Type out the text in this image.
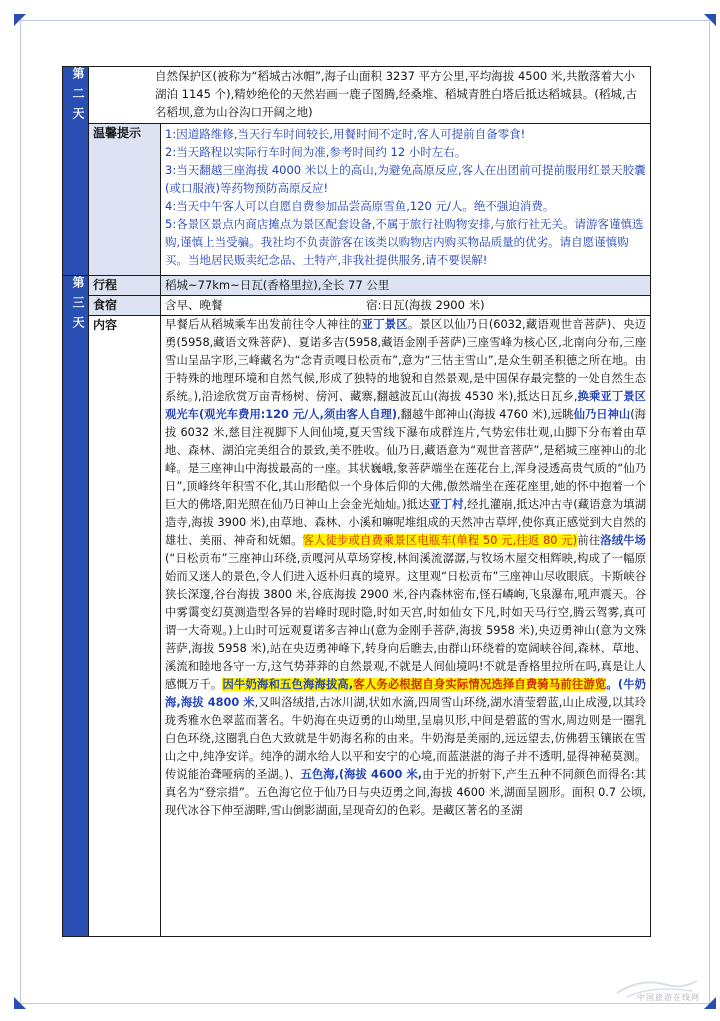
第二天	自然保护区(被称为“稻城古冰帽”,海子山面积 3237 平方公里,平均海拔 4500 米,共散落着大小湖泊 1145 个),精妙绝伦的天然岩画一鹿子图腾,经桑堆、稻城青胜白塔后抵达稻城县。(稻城,古名稻坝,意为山谷沟口开阔之地)	

	温馨提示	1:因道路维修,当天行车时间较长,用餐时间不定时,客人可提前自备零食!
2:当天路程以实际行车时间为准,参考时间约 12 小时左右。
3:当天翻越三座海拔 4000 米以上的高山,为避免高原反应,客人在出团前可提前服用红景天胶囊(或口服液)等药物预防高原反应!
4:当天中午客人可以自愿自费参加品尝高原雪鱼,120 元/人。绝不强迫消费。
5:各景区景点内商店摊点为景区配套设备,不属于旅行社购物安排,与旅行社无关。请游客谨慎选购,谨慎上当受骗。我社均不负责游客在该类以购物店内购买物品质量的优劣。请自愿谨慎购买。当地居民贩卖纪念品、土特产,非我社提供服务,请不要误解!

第三天	行程	稻城~77km~日瓦(香格里拉),全长 77 公里
	食宿	含早、晚餐 宿:日瓦(海拔 2900 米)
	内容	早餐后从稻城乘车出发前往令人神往的亚丁景区。景区以仙乃日(6032,藏语观世音菩萨)、央迈勇(5958,藏语文殊菩萨)、夏诺多吉(5958,藏语金刚手菩萨)三座雪峰为核心区,北南向分布,三座雪山呈品字形,三峰藏名为“念青贡嘎日松贡布”,意为“三怙主雪山”,是众生朝圣积德之所在地。由于特殊的地理环境和自然气候,形成了独特的地貌和自然景观,是中国保存最完整的一处自然生态系统。),沿途欣赏万亩青杨树、傍河、藏寨,翻越波瓦山(海拔 4530 米),抵达日瓦乡,换乘亚丁景区观光车(观光车费用:120 元/人,须由客人自理),翻越牛郎神山(海拔 4760 米),远眺仙乃日神山(海拔 6032 米,慈目注视脚下人间仙境,夏天雪线下瀑布成群连片,气势宏伟壮观,山脚下分布着由草地、森林、湖泊完美组合的景致,美不胜收。仙乃日,藏语意为“观世音菩萨”,是稻城三座神山的北峰。是三座神山中海拔最高的一座。其状巍峨,象菩萨端坐在莲花台上,浑身浸透高贵气质的“仙乃日”,顶峰终年积雪不化,其山形酷似一个身体后仰的大佛,傲然端坐在莲花座里,她的怀中抱着一个巨大的佛塔,阳光照在仙乃日神山上会金光灿灿。)抵达亚丁村,经扎灌崩,抵达冲古寺(藏语意为填湖造寺,海拔 3900 米),由草地、森林、小溪和嘛呢堆组成的天然冲古草坪,使你真正感觉到大自然的雄壮、美丽、神奇和妩媚。客人徒步或自费乘景区电瓶车(单程 50 元,往返 80 元)前往洛绒牛场(“日松贡布”三座神山环绕,贡嘎河从草场穿梭,林间溪流潺潺,与牧场木屋交相辉映,构成了一幅原始而又迷人的景色,令人们进入返朴归真的境界。这里观“日松贡布”三座神山尽收眼底。卡斯峡谷狭长深邃,谷台海拔 3800 米,谷底海拔 2900 米,谷内森林密布,怪石嶙峋,飞泉瀑布,吼声震天。谷中雾霭变幻莫测造型各异的岩峰时现时隐,时如天宫,时如仙女下凡,时如天马行空,腾云驾雾,真可谓一大奇观。)上山时可远观夏诺多吉神山(意为金刚手菩萨,海拔 5958 米),央迈勇神山(意为文殊菩萨,海拔 5958 米),站在央迈勇神峰下,转身向后瞧去,由群山环绕着的宽阔峡谷间,森林、草地、溪流和睦地各守一方,这气势莽莽的自然景观,不就是人间仙境吗!不就是香格里拉所在吗,真是让人感慨万千。因牛奶海和五色海海拔高,客人务必根据自身实际情况选择自费骑马前往游览。(牛奶海,海拔 4800 米,又叫洛绒措,古冰川湖,状如水滴,四周雪山环绕,湖水清莹碧蓝,山止成漫,以其玲珑秀雅水色翠蓝而著名。牛奶海在央迈勇的山坳里,呈扇贝形,中间是碧蓝的雪水,周边则是一圈乳白色环绕,这圈乳白色大致就是牛奶海名称的由来。牛奶海是美丽的,远远望去,仿佛碧玉镶嵌在雪山之中,纯净安详。纯净的湖水给人以平和安宁的心境,而蓝湛湛的海子并不透明,显得神秘莫测。传说能治聋哑病的圣湖。)、五色海,(海拔 4600 米,由于光的折射下,产生五种不同颜色而得名:其真名为“登宗措”。五色海它位于仙乃日与央迈勇之间,海拔 4600 米,湖面呈圆形。面积 0.7 公顷,现代冰谷下伸至湖畔,雪山倒影湖面,呈现奇幻的色彩。是藏区著名的圣湖
中国旅游在线网
